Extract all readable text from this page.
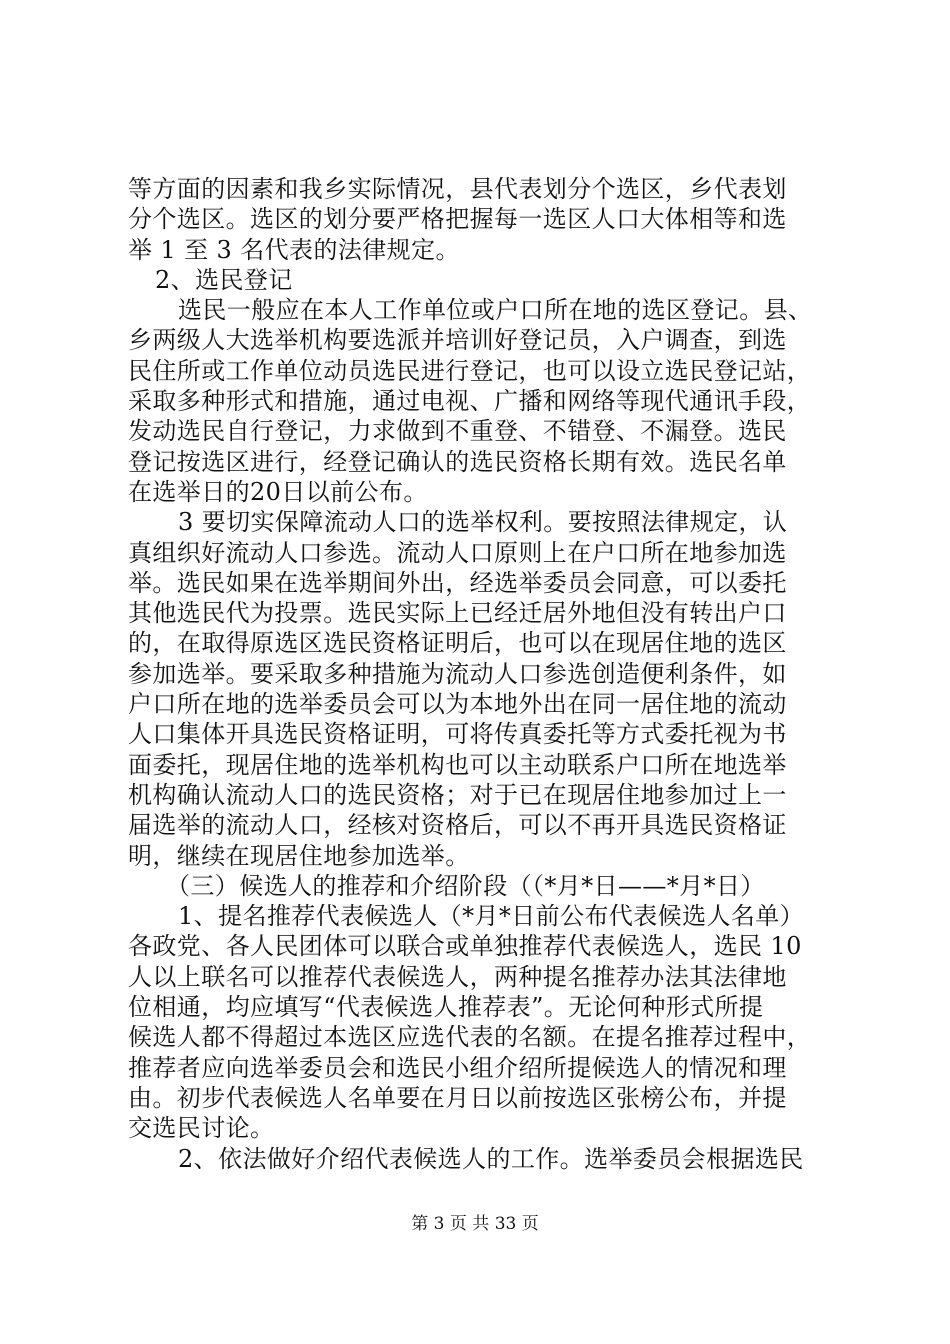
等方面的因素和我乡实际情况，县代表划分个选区，乡代表划
分个选区。选区的划分要严格把握每一选区人口大体相等和选
举 1 至 3 名代表的法律规定。
2、选民登记
选民一般应在本人工作单位或户口所在地的选区登记。县、
乡两级人大选举机构要选派并培训好登记员，入户调查，到选
民住所或工作单位动员选民进行登记，也可以设立选民登记站，
采取多种形式和措施，通过电视、广播和网络等现代通讯手段，
发动选民自行登记，力求做到不重登、不错登、不漏登。选民
登记按选区进行，经登记确认的选民资格长期有效。选民名单
在选举日的20日以前公布。
3 要切实保障流动人口的选举权利。要按照法律规定，认
真组织好流动人口参选。流动人口原则上在户口所在地参加选
举。选民如果在选举期间外出，经选举委员会同意，可以委托
其他选民代为投票。选民实际上已经迁居外地但没有转出户口
的，在取得原选区选民资格证明后，也可以在现居住地的选区
参加选举。要采取多种措施为流动人口参选创造便利条件，如
户口所在地的选举委员会可以为本地外出在同一居住地的流动
人口集体开具选民资格证明，可将传真委托等方式委托视为书
面委托，现居住地的选举机构也可以主动联系户口所在地选举
机构确认流动人口的选民资格；对于已在现居住地参加过上一
届选举的流动人口，经核对资格后，可以不再开具选民资格证
明，继续在现居住地参加选举。
（三）候选人的推荐和介绍阶段（（*月*日——*月*日）
1、提名推荐代表候选人（*月*日前公布代表候选人名单）
各政党、各人民团体可以联合或单独推荐代表候选人，选民 10
人以上联名可以推荐代表候选人，两种提名推荐办法其法律地
位相通，均应填写“代表候选人推荐表”。无论何种形式所提
候选人都不得超过本选区应选代表的名额。在提名推荐过程中，
推荐者应向选举委员会和选民小组介绍所提候选人的情况和理
由。初步代表候选人名单要在月日以前按选区张榜公布，并提
交选民讨论。
2、依法做好介绍代表候选人的工作。选举委员会根据选民
第 3 页 共 33 页
